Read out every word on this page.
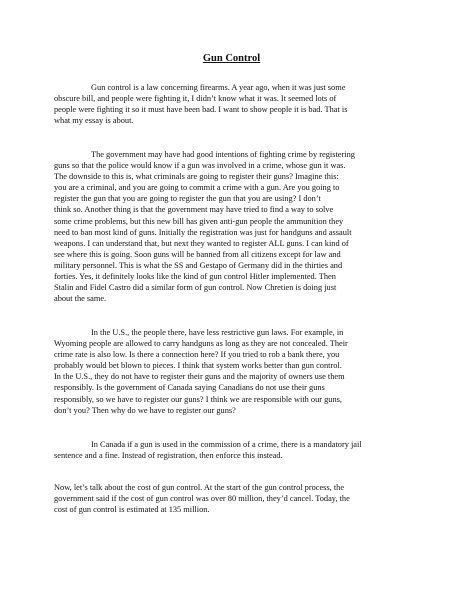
Gun Control
Gun control is a law concerning firearms. A year ago, when it was just some
obscure bill, and people were fighting it, I didn’t know what it was. It seemed lots of
people were fighting it so it must have been bad. I want to show people it is bad. That is
what my essay is about.
The government may have had good intentions of fighting crime by registering
guns so that the police would know if a gun was involved in a crime, whose gun it was.
The downside to this is, what criminals are going to register their guns? Imagine this:
you are a criminal, and you are going to commit a crime with a gun. Are you going to
register the gun that you are going to register the gun that you are using? I don’t
think so. Another thing is that the government may have tried to find a way to solve
some crime problems, but this new bill has given anti-gun people the ammunition they
need to ban most kind of guns. Initially the registration was just for handguns and assault
weapons. I can understand that, but next they wanted to register ALL guns. I can kind of
see where this is going. Soon guns will be banned from all citizens except for law and
military personnel. This is what the SS and Gestapo of Germany did in the thirties and
forties. Yes, it definitely looks like the kind of gun control Hitler implemented. Then
Stalin and Fidel Castro did a similar form of gun control. Now Chretien is doing just
about the same.
In the U.S., the people there, have less restrictive gun laws. For example, in
Wyoming people are allowed to carry handguns as long as they are not concealed. Their
crime rate is also low. Is there a connection here? If you tried to rob a bank there, you
probably would bet blown to pieces. I think that system works better than gun control.
In the U.S., they do not have to register their guns and the majority of owners use them
responsibly. Is the government of Canada saying Canadians do not use their guns
responsibly, so we have to register our guns? I think we are responsible with our guns,
don’t you? Then why do we have to register our guns?
In Canada if a gun is used in the commission of a crime, there is a mandatory jail
sentence and a fine. Instead of registration, then enforce this instead.
Now, let’s talk about the cost of gun control. At the start of the gun control process, the
government said if the cost of gun control was over 80 million, they’d cancel. Today, the
cost of gun control is estimated at 135 million.
